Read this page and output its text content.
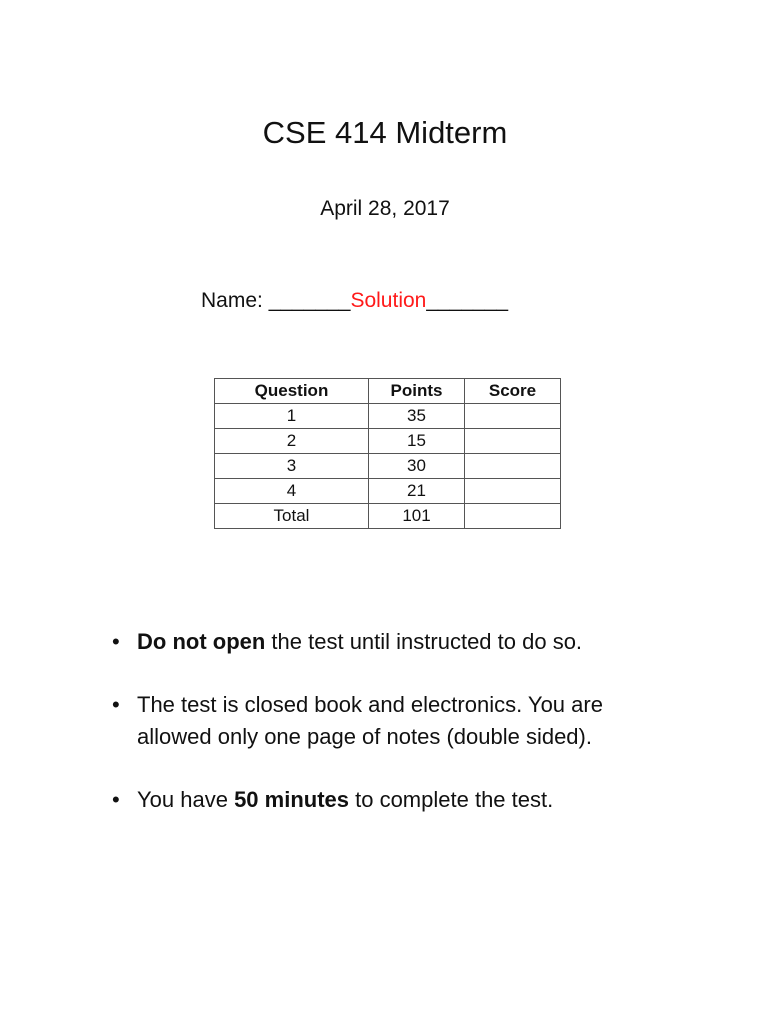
CSE 414 Midterm
April 28, 2017
Name: _______Solution_______
Question	Points	Score
1	35	
2	15	
3	30	
4	21	
Total	101	
• Do not open the test until instructed to do so.
• The test is closed book and electronics. You are allowed only one page of notes (double sided).
• You have 50 minutes to complete the test.
